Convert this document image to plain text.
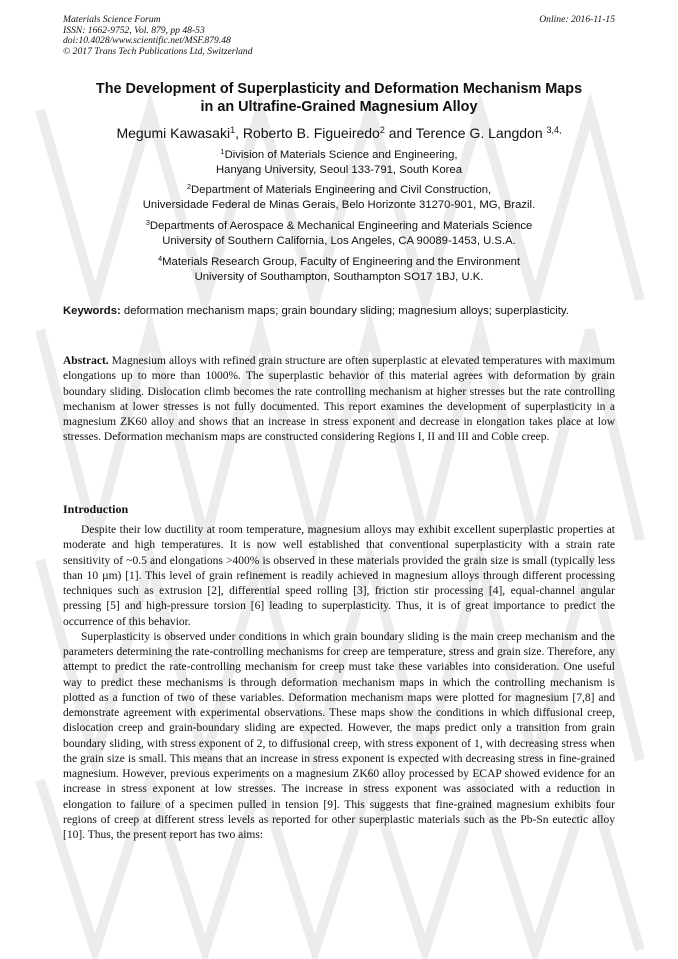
Materials Science Forum
ISSN: 1662-9752, Vol. 879, pp 48-53
doi:10.4028/www.scientific.net/MSF.879.48
© 2017 Trans Tech Publications Ltd, Switzerland
Online: 2016-11-15
The Development of Superplasticity and Deformation Mechanism Maps
in an Ultrafine-Grained Magnesium Alloy
Megumi Kawasaki$^1$, Roberto B. Figueiredo$^2$ and Terence G. Langdon $^{3,4,}$
$^1$Division of Materials Science and Engineering,
Hanyang University, Seoul 133-791, South Korea
$^2$Department of Materials Engineering and Civil Construction,
Universidade Federal de Minas Gerais, Belo Horizonte 31270-901, MG, Brazil.
$^3$Departments of Aerospace & Mechanical Engineering and Materials Science
University of Southern California, Los Angeles, CA 90089-1453, U.S.A.
$^4$Materials Research Group, Faculty of Engineering and the Environment
University of Southampton, Southampton SO17 1BJ, U.K.
Keywords: deformation mechanism maps; grain boundary sliding; magnesium alloys; superplasticity.
Abstract. Magnesium alloys with refined grain structure are often superplastic at elevated temperatures with maximum elongations up to more than 1000%. The superplastic behavior of this material agrees with deformation by grain boundary sliding. Dislocation climb becomes the rate controlling mechanism at higher stresses but the rate controlling mechanism at lower stresses is not fully documented. This report examines the development of superplasticity in a magnesium ZK60 alloy and shows that an increase in stress exponent and decrease in elongation takes place at low stresses. Deformation mechanism maps are constructed considering Regions I, II and III and Coble creep.
Introduction

Despite their low ductility at room temperature, magnesium alloys may exhibit excellent superplastic properties at moderate and high temperatures. It is now well established that conventional superplasticity with a strain rate sensitivity of ~0.5 and elongations >400% is observed in these materials provided the grain size is small (typically less than 10 µm) [1]. This level of grain refinement is readily achieved in magnesium alloys through different processing techniques such as extrusion [2], differential speed rolling [3], friction stir processing [4], equal-channel angular pressing [5] and high-pressure torsion [6] leading to superplasticity. Thus, it is of great importance to predict the occurrence of this behavior.

Superplasticity is observed under conditions in which grain boundary sliding is the main creep mechanism and the parameters determining the rate-controlling mechanisms for creep are temperature, stress and grain size. Therefore, any attempt to predict the rate-controlling mechanism for creep must take these variables into consideration. One useful way to predict these mechanisms is through deformation mechanism maps in which the controlling mechanism is plotted as a function of two of these variables. Deformation mechanism maps were plotted for magnesium [7,8] and demonstrate agreement with experimental observations. These maps show the conditions in which diffusional creep, dislocation creep and grain-boundary sliding are expected. However, the maps predict only a transition from grain boundary sliding, with stress exponent of 2, to diffusional creep, with stress exponent of 1, with decreasing stress when the grain size is small. This means that an increase in stress exponent is expected with decreasing stress in fine-grained magnesium. However, previous experiments on a magnesium ZK60 alloy processed by ECAP showed evidence for an increase in stress exponent at low stresses. The increase in stress exponent was associated with a reduction in elongation to failure of a specimen pulled in tension [9]. This suggests that fine-grained magnesium exhibits four regions of creep at different stress levels as reported for other superplastic materials such as the Pb-Sn eutectic alloy [10]. Thus, the present report has two aims:
